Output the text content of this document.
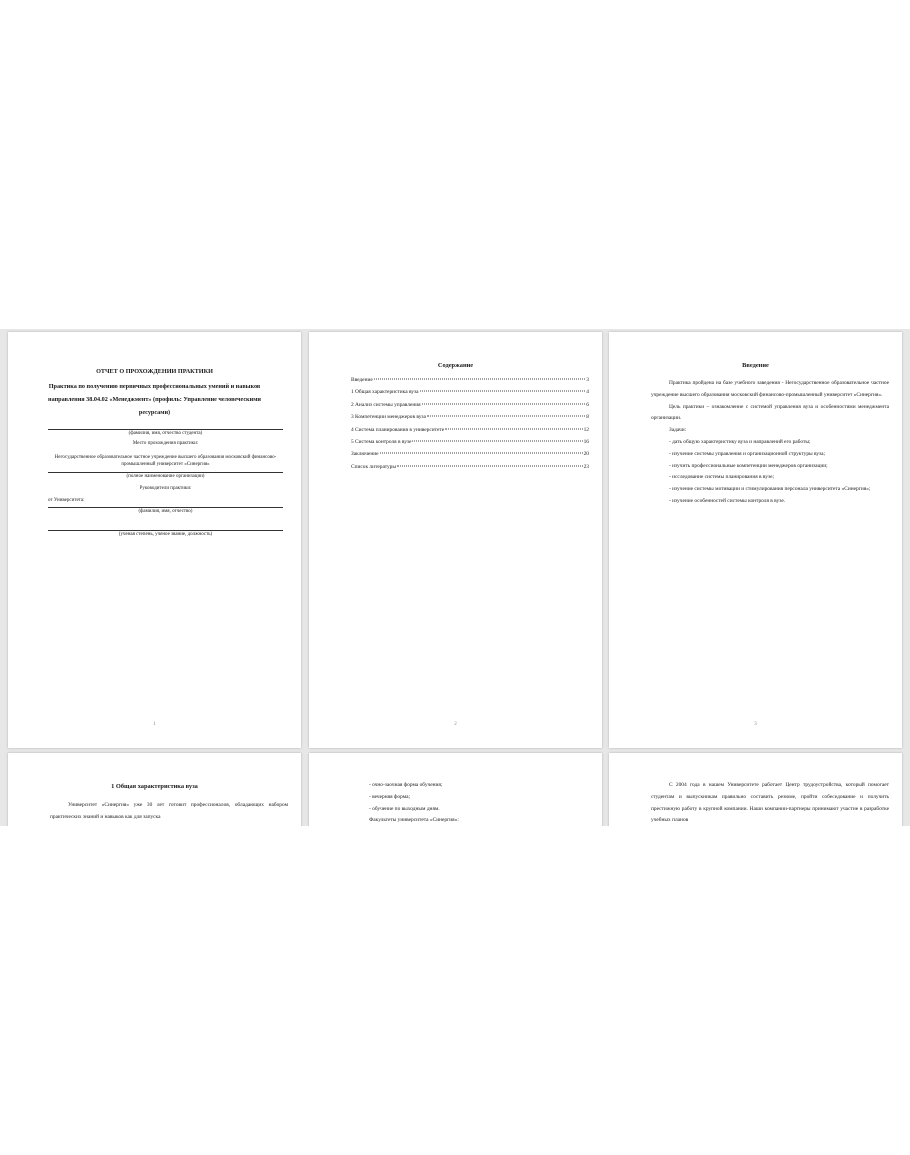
ОТЧЕТ О ПРОХОЖДЕНИИ ПРАКТИКИ
Практика по получению первичных профессиональных умений и навыков направления 38.04.02 «Менеджмент» (профиль: Управление человеческими ресурсами)
(фамилия, имя, отчество студента)
Место прохождения практики:
Негосударственное образовательное частное учреждение высшего образования московский финансово-промышленный университет «Синергия»
(полное наименование организации)
Руководители практики:
от Университета:
(фамилия, имя, отчество)
(ученая степень, ученое звание, должность)
1
Содержание
Введение	3
1 Общая характеристика вуза	4
2 Анализ системы управления	6
3 Компетенции менеджеров вуза	8
4 Система планирования в университете	12
5 Система контроля в вузе	16
Заключение	20
Список литературы	23
2
Введение

Практика пройдена на базе учебного заведения - Негосударственное образовательное частное учреждение высшего образования московский финансово-промышленный университет «Синергия».

Цель практики – ознакомление с системой управления вуза и особенностями менеджмента организации.

Задачи:

- дать общую характеристику вуза и направлений его работы;

- изучение системы управления и организационной структуры вуза;

- изучить профессиональные компетенции менеджеров организации;

- исследование системы планирования в вузе;

- изучение системы мотивации и стимулирования персонала университета «Синергия»;

- изучение особенностей системы контроля в вузе.

3
1 Общая характеристика вуза

Университет «Синергия» уже 30 лет готовит профессионалов, обладающих набором практических знаний и навыков как для запуска

- очно-заочная форма обучения;

- вечерняя форма;

- обучение по выходным дням.

Факультеты университета «Синергия»:

С 2004 года в нашем Университете работает Центр трудоустройства, который помогает студентам и выпускникам правильно составить резюме, пройти собеседование и получить престижную работу в крупной компании. Наши компании-партнеры принимают участие в разработке учебных планов
